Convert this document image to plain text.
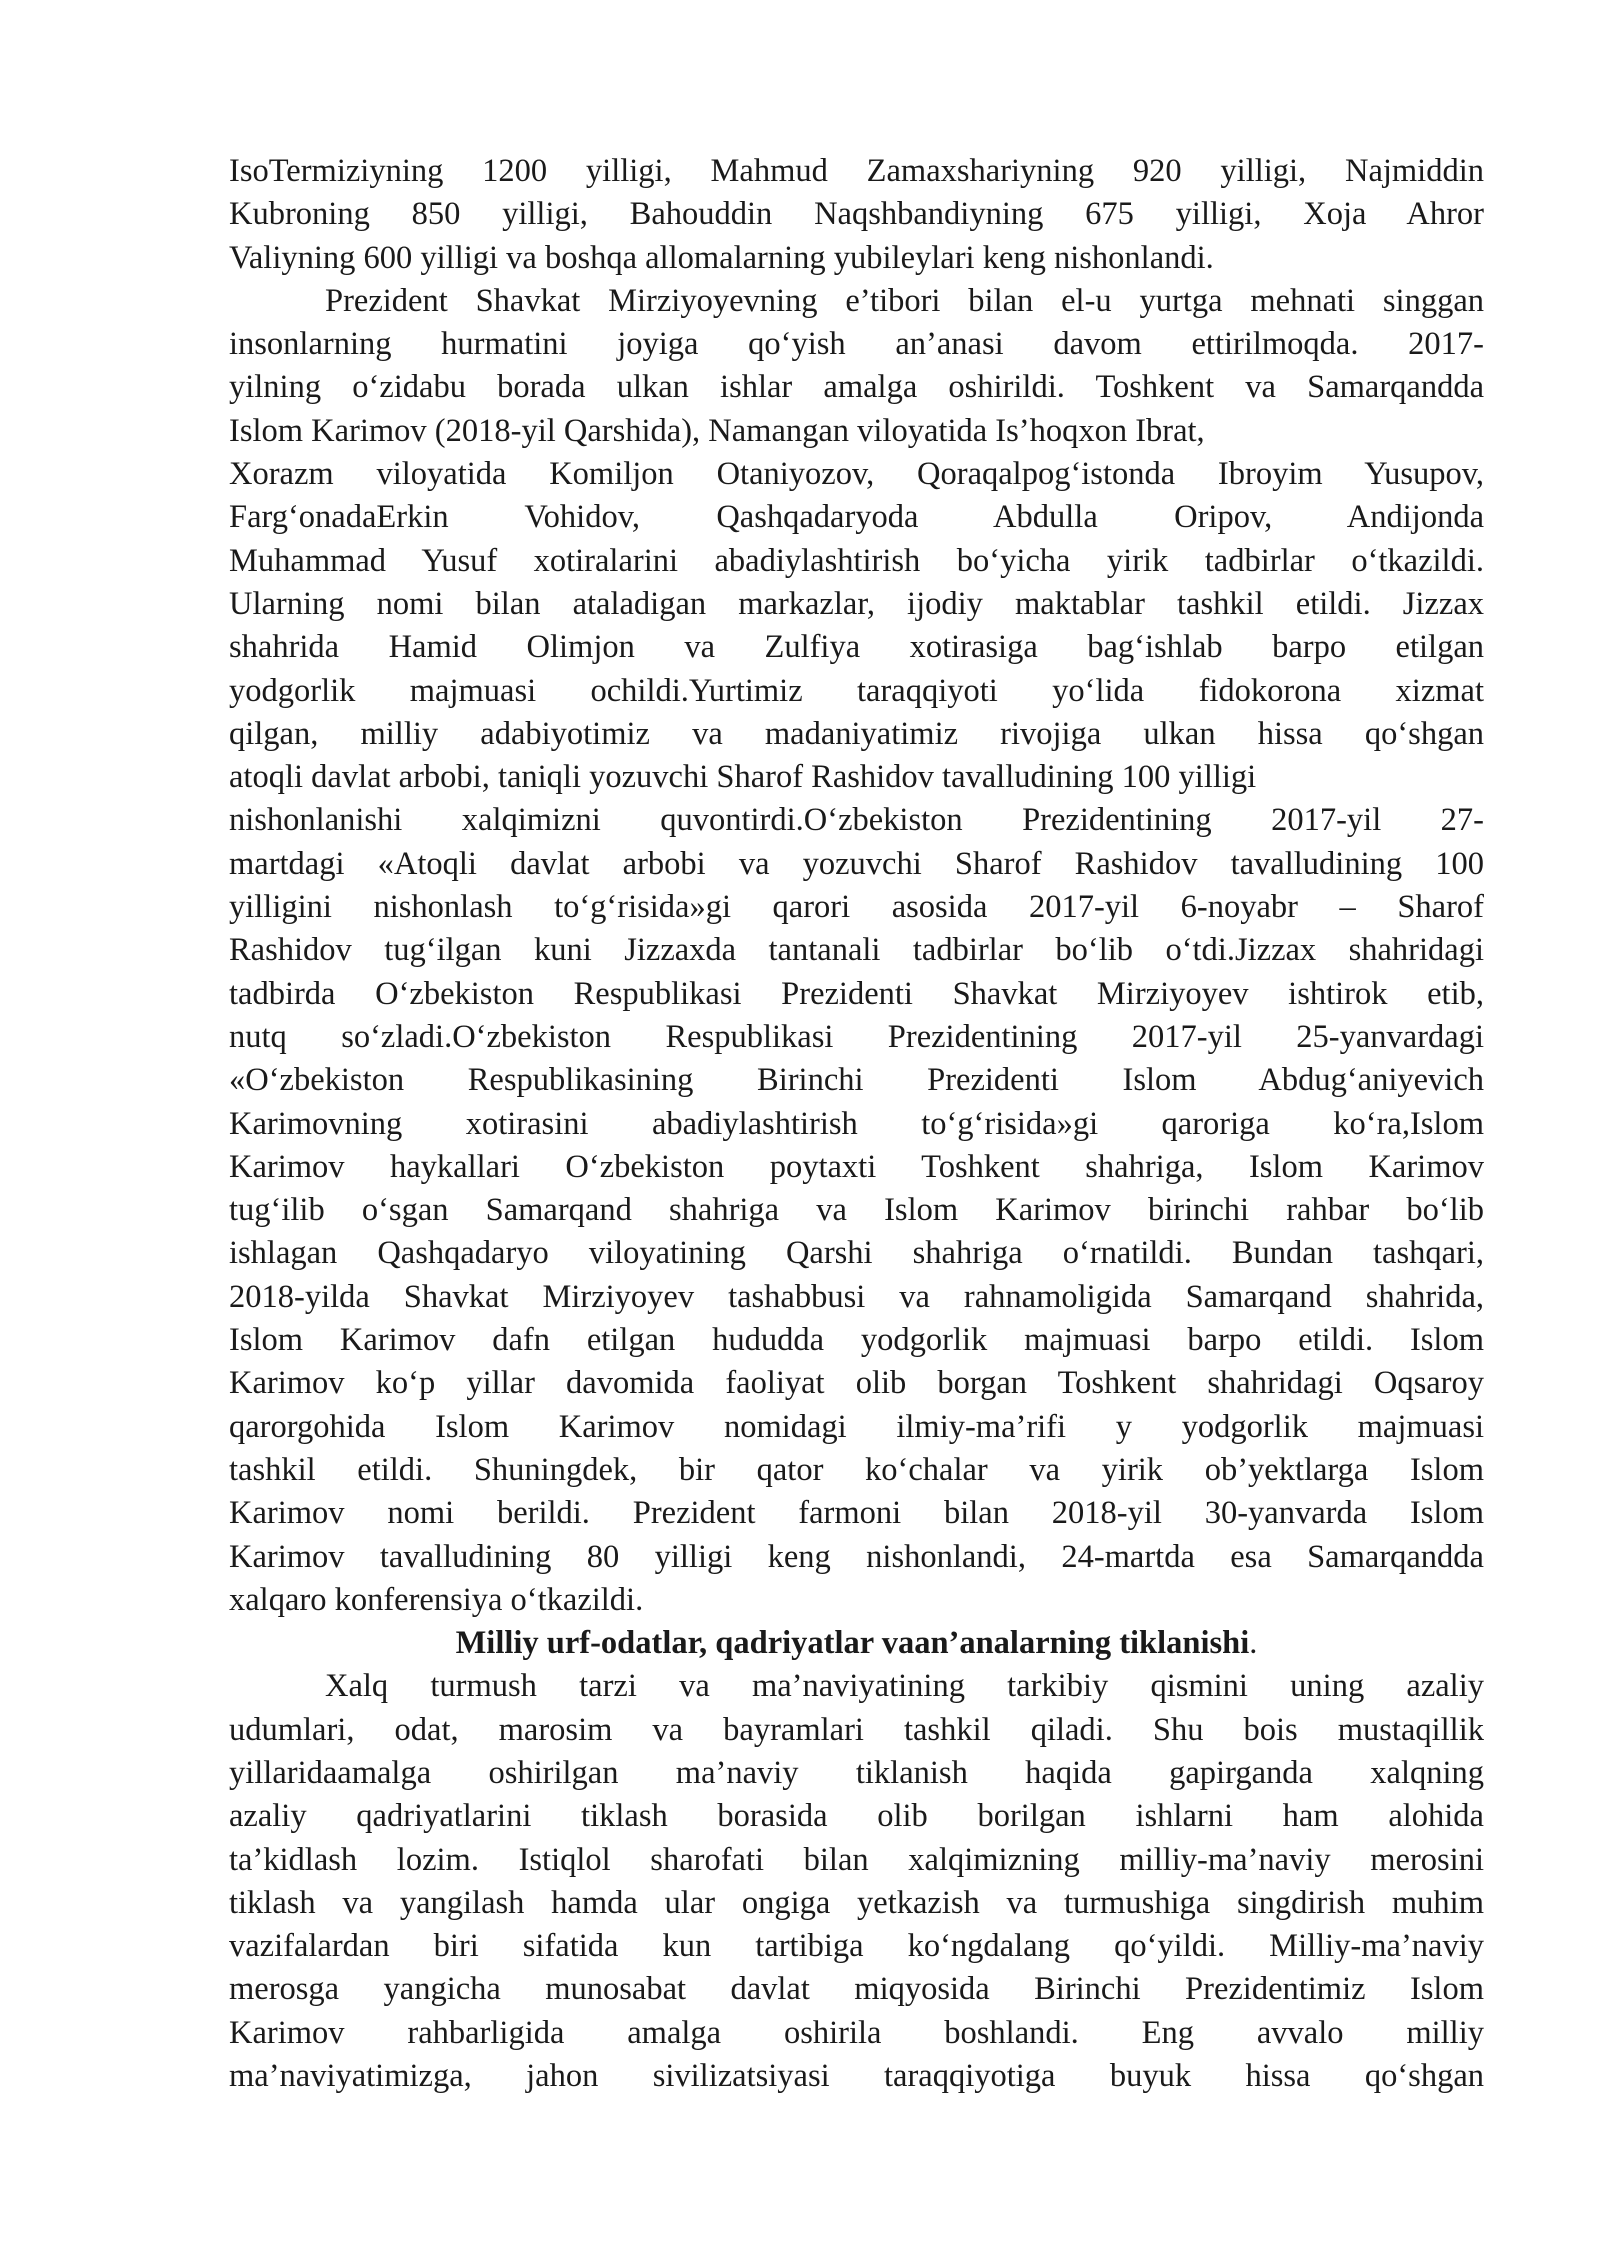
IsoTermiziyning 1200 yilligi, Mahmud Zamaxshariyning 920 yilligi, Najmiddin
Kubroning 850 yilligi, Bahouddin Naqshbandiyning 675 yilligi, Xoja Ahror
Valiyning 600 yilligi va boshqa allomalarning yubileylari keng nishonlandi.
Prezident Shavkat Mirziyoyevning e’tibori bilan el-u yurtga mehnati singgan
insonlarning hurmatini joyiga qo‘yish an’anasi davom ettirilmoqda. 2017-
yilning o‘zidabu borada ulkan ishlar amalga oshirildi. Toshkent va Samarqandda
Islom Karimov (2018-yil Qarshida), Namangan viloyatida Is’hoqxon Ibrat,
Xorazm viloyatida Komiljon Otaniyozov, Qoraqalpog‘istonda Ibroyim Yusupov,
Farg‘onadaErkin Vohidov, Qashqadaryoda Abdulla Oripov, Andijonda
Muhammad Yusuf xotiralarini abadiylashtirish bo‘yicha yirik tadbirlar o‘tkazildi.
Ularning nomi bilan ataladigan markazlar, ijodiy maktablar tashkil etildi. Jizzax
shahrida Hamid Olimjon va Zulfiya xotirasiga bag‘ishlab barpo etilgan
yodgorlik majmuasi ochildi.Yurtimiz taraqqiyoti yo‘lida fidokorona xizmat
qilgan, milliy adabiyotimiz va madaniyatimiz rivojiga ulkan hissa qo‘shgan
atoqli davlat arbobi, taniqli yozuvchi Sharof Rashidov tavalludining 100 yilligi
nishonlanishi xalqimizni quvontirdi.O‘zbekiston Prezidentining 2017-yil 27-
martdagi «Atoqli davlat arbobi va yozuvchi Sharof Rashidov tavalludining 100
yilligini nishonlash to‘g‘risida»gi qarori asosida 2017-yil 6-noyabr – Sharof
Rashidov tug‘ilgan kuni Jizzaxda tantanali tadbirlar bo‘lib o‘tdi.Jizzax shahridagi
tadbirda O‘zbekiston Respublikasi Prezidenti Shavkat Mirziyoyev ishtirok etib,
nutq so‘zladi.O‘zbekiston Respublikasi Prezidentining 2017-yil 25-yanvardagi
«O‘zbekiston Respublikasining Birinchi Prezidenti Islom Abdug‘aniyevich
Karimovning xotirasini abadiylashtirish to‘g‘risida»gi qaroriga ko‘ra,Islom
Karimov haykallari O‘zbekiston poytaxti Toshkent shahriga, Islom Karimov
tug‘ilib o‘sgan Samarqand shahriga va Islom Karimov birinchi rahbar bo‘lib
ishlagan Qashqadaryo viloyatining Qarshi shahriga o‘rnatildi. Bundan tashqari,
2018-yilda Shavkat Mirziyoyev tashabbusi va rahnamoligida Samarqand shahrida,
Islom Karimov dafn etilgan hududda yodgorlik majmuasi barpo etildi. Islom
Karimov ko‘p yillar davomida faoliyat olib borgan Toshkent shahridagi Oqsaroy
qarorgohida Islom Karimov nomidagi ilmiy-ma’rifi y yodgorlik majmuasi
tashkil etildi. Shuningdek, bir qator ko‘chalar va yirik ob’yektlarga Islom
Karimov nomi berildi. Prezident farmoni bilan 2018-yil 30-yanvarda Islom
Karimov tavalludining 80 yilligi keng nishonlandi, 24-martda esa Samarqandda
xalqaro konferensiya o‘tkazildi.
Milliy urf-odatlar, qadriyatlar vaan’analarning tiklanishi.
Xalq turmush tarzi va ma’naviyatining tarkibiy qismini uning azaliy
udumlari, odat, marosim va bayramlari tashkil qiladi. Shu bois mustaqillik
yillaridaamalga oshirilgan ma’naviy tiklanish haqida gapirganda xalqning
azaliy qadriyatlarini tiklash borasida olib borilgan ishlarni ham alohida
ta’kidlash lozim. Istiqlol sharofati bilan xalqimizning milliy-ma’naviy merosini
tiklash va yangilash hamda ular ongiga yetkazish va turmushiga singdirish muhim
vazifalardan biri sifatida kun tartibiga ko‘ngdalang qo‘yildi. Milliy-ma’naviy
merosga yangicha munosabat davlat miqyosida Birinchi Prezidentimiz Islom
Karimov rahbarligida amalga oshirila boshlandi. Eng avvalo milliy
ma’naviyatimizga, jahon sivilizatsiyasi taraqqiyotiga buyuk hissa qo‘shgan
